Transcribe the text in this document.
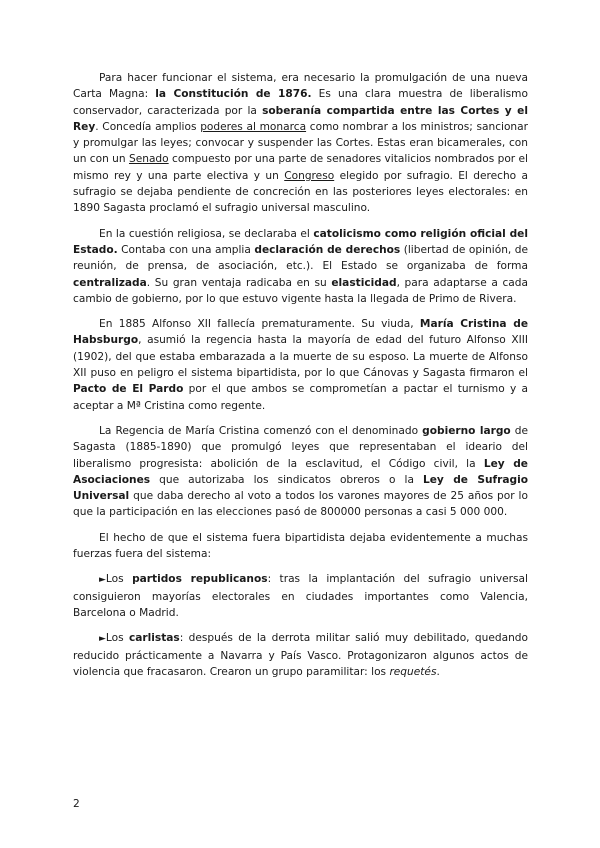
Para hacer funcionar el sistema, era necesario la promulgación de una nueva Carta Magna: la Constitución de 1876. Es una clara muestra de liberalismo conservador, caracterizada por la soberanía compartida entre las Cortes y el Rey. Concedía amplios poderes al monarca como nombrar a los ministros; sancionar y promulgar las leyes; convocar y suspender las Cortes. Estas eran bicamerales, con un con un Senado compuesto por una parte de senadores vitalicios nombrados por el mismo rey y una parte electiva y un Congreso elegido por sufragio. El derecho a sufragio se dejaba pendiente de concreción en las posteriores leyes electorales: en 1890 Sagasta proclamó el sufragio universal masculino.

En la cuestión religiosa, se declaraba el catolicismo como religión oficial del Estado. Contaba con una amplia declaración de derechos (libertad de opinión, de reunión, de prensa, de asociación, etc.). El Estado se organizaba de forma centralizada. Su gran ventaja radicaba en su elasticidad, para adaptarse a cada cambio de gobierno, por lo que estuvo vigente hasta la llegada de Primo de Rivera.

En 1885 Alfonso XII fallecía prematuramente. Su viuda, María Cristina de Habsburgo, asumió la regencia hasta la mayoría de edad del futuro Alfonso XIII (1902), del que estaba embarazada a la muerte de su esposo. La muerte de Alfonso XII puso en peligro el sistema bipartidista, por lo que Cánovas y Sagasta firmaron el Pacto de El Pardo por el que ambos se comprometían a pactar el turnismo y a aceptar a Mª Cristina como regente.

La Regencia de María Cristina comenzó con el denominado gobierno largo de Sagasta (1885-1890) que promulgó leyes que representaban el ideario del liberalismo progresista: abolición de la esclavitud, el Código civil, la Ley de Asociaciones que autorizaba los sindicatos obreros o la Ley de Sufragio Universal que daba derecho al voto a todos los varones mayores de 25 años por lo que la participación en las elecciones pasó de 800000 personas a casi 5 000 000.

El hecho de que el sistema fuera bipartidista dejaba evidentemente a muchas fuerzas fuera del sistema:

►Los partidos republicanos: tras la implantación del sufragio universal consiguieron mayorías electorales en ciudades importantes como Valencia, Barcelona o Madrid.

►Los carlistas: después de la derrota militar salió muy debilitado, quedando reducido prácticamente a Navarra y País Vasco. Protagonizaron algunos actos de violencia que fracasaron. Crearon un grupo paramilitar: los requetés.

2
